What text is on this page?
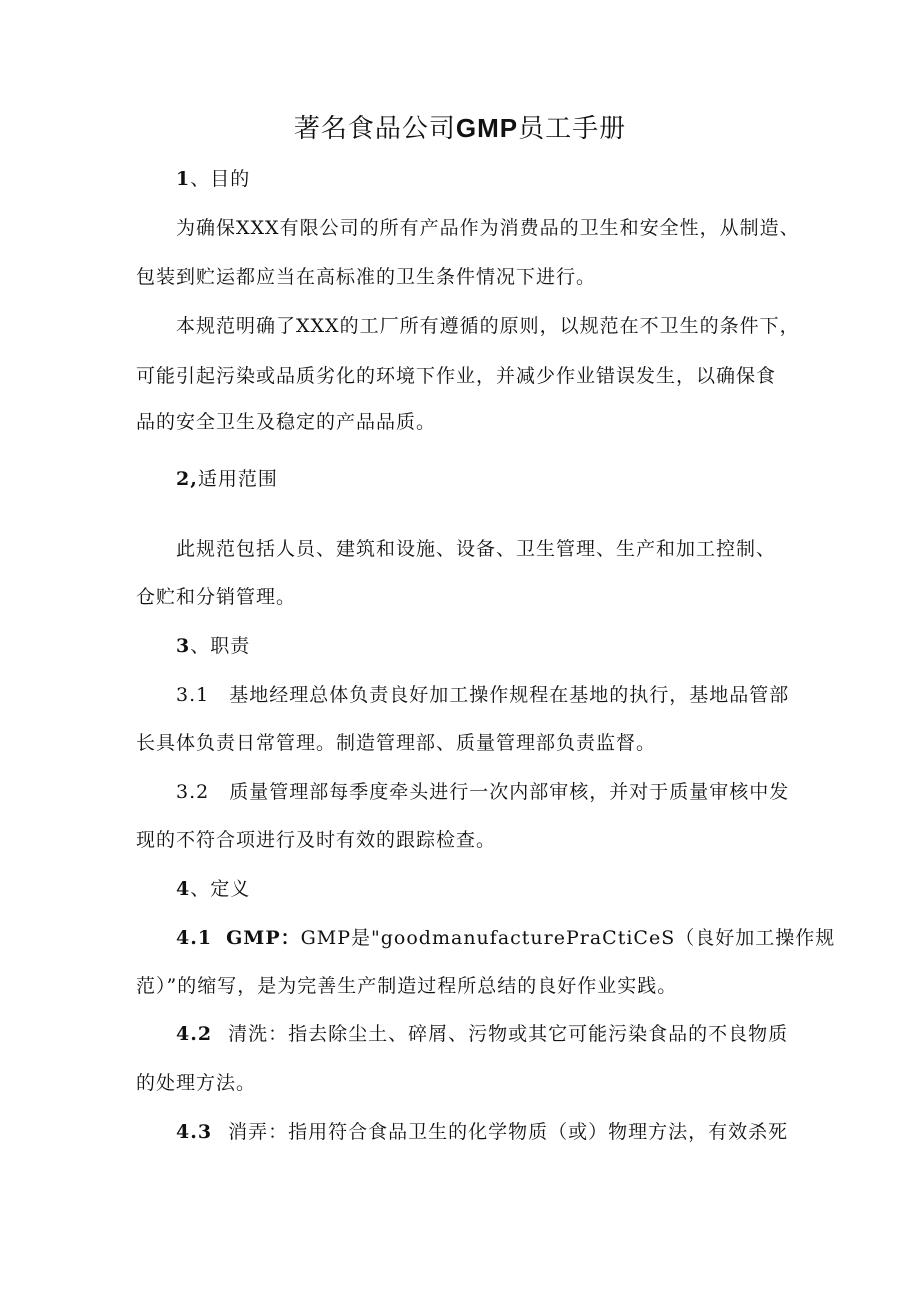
著名食品公司GMP员工手册
1、目的
为确保XXX有限公司的所有产品作为消费品的卫生和安全性，从制造、
包装到贮运都应当在高标准的卫生条件情况下进行。
本规范明确了XXX的工厂所有遵循的原则，以规范在不卫生的条件下，
可能引起污染或品质劣化的环境下作业，并减少作业错误发生，以确保食
品的安全卫生及稳定的产品品质。
2,适用范围
此规范包括人员、建筑和设施、设备、卫生管理、生产和加工控制、
仓贮和分销管理。
3、职责
3.1 基地经理总体负责良好加工操作规程在基地的执行，基地品管部
长具体负责日常管理。制造管理部、质量管理部负责监督。
3.2 质量管理部每季度牵头进行一次内部审核，并对于质量审核中发
现的不符合项进行及时有效的跟踪检查。
4、定义
4.1 GMP：GMP是"goodmanufacturePraCtiCeS（良好加工操作规
范）”的缩写，是为完善生产制造过程所总结的良好作业实践。
4.2 清洗：指去除尘土、碎屑、污物或其它可能污染食品的不良物质
的处理方法。
4.3 消弄：指用符合食品卫生的化学物质（或）物理方法，有效杀死
